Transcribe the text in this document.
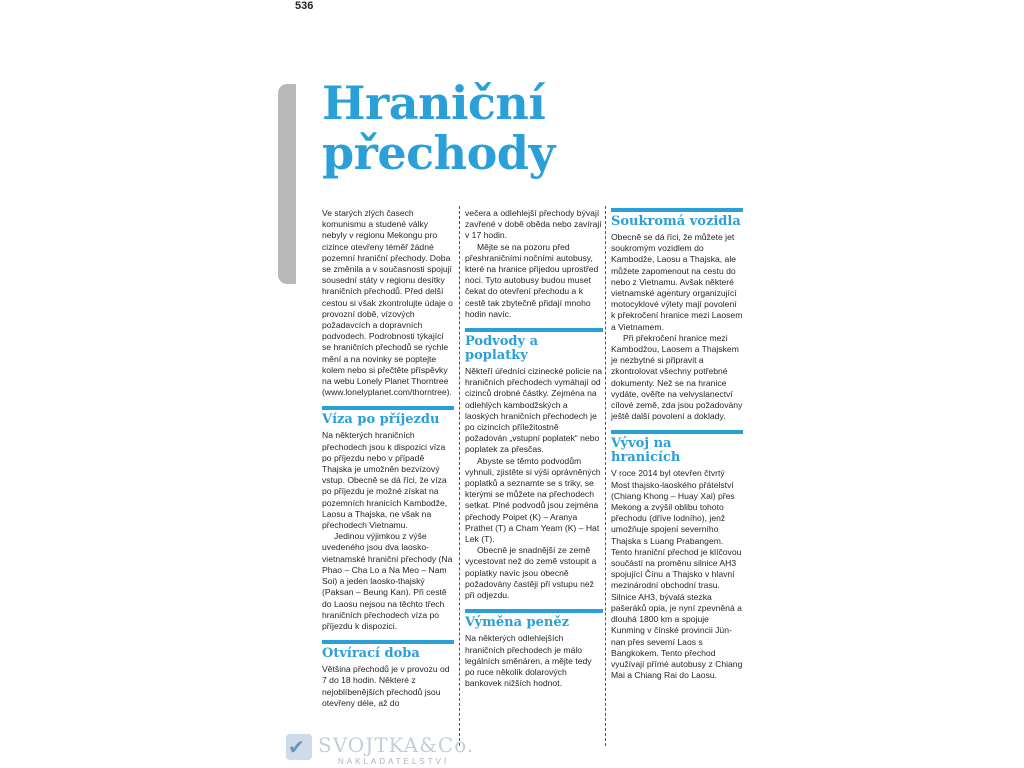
536
Hraniční
přechody

Ve starých zlých časech komunismu a studené války nebyly v regionu Mekongu pro cizince otevřeny téměř žádné pozemní hraniční přechody. Doba se změnila a v současnosti spojují sousední státy v regionu desítky hraničních přechodů. Před delší cestou si však zkontrolujte údaje o provozní době, vízových požadavcích a dopravních podvodech. Podrobnosti týkající se hraničních přechodů se rychle mění a na novinky se poptejte kolem nebo si přečtěte příspěvky na webu Lonely Planet Thorntree (www.lonelyplanet.com/thorntree).

Víza po příjezdu

Na některých hraničních přechodech jsou k dispozici víza po příjezdu nebo v případě Thajska je umožněn bezvízový vstup. Obecně se dá říci, že víza po příjezdu je možné získat na pozemních hranicích Kambodže, Laosu a Thajska, ne však na přechodech Vietnamu.

Jedinou výjimkou z výše uvedeného jsou dva laosko-vietnamské hraniční přechody (Na Phao – Cha Lo a Na Meo – Nam Soi) a jeden laosko-thajský (Paksan – Beung Kan). Při cestě do Laosu nejsou na těchto třech hraničních přechodech víza po příjezdu k dispozici.

Otvírací doba

Většina přechodů je v provozu od 7 do 18 hodin. Některé z nejoblíbenějších přechodů jsou otevřeny déle, až do

večera a odlehlejší přechody bývají zavřené v době oběda nebo zavírají v 17 hodin.

Mějte se na pozoru před přeshraničními nočními autobusy, které na hranice přijedou uprostřed noci. Tyto autobusy budou muset čekat do otevření přechodu a k cestě tak zbytečně přidají mnoho hodin navíc.

Podvody a poplatky

Někteří úředníci cizinecké policie na hraničních přechodech vymáhají od cizinců drobné částky. Zejména na odlehlých kambodžských a laoských hraničních přechodech je po cizincích příležitostně požadován „vstupní poplatek“ nebo poplatek za přesčas.

Abyste se těmto podvodům vyhnuli, zjistěte si výši oprávněných poplatků a seznamte se s triky, se kterými se můžete na přechodech setkat. Plné podvodů jsou zejména přechody Poipet (K) – Aranya Prathet (T) a Cham Yeam (K) – Hat Lek (T).

Obecně je snadnější ze země vycestovat než do země vstoupit a poplatky navíc jsou obecně požadovány častěji při vstupu než při odjezdu.

Výměna peněz

Na některých odlehlejších hraničních přechodech je málo legálních směnáren, a mějte tedy po ruce několik dolarových bankovek nižších hodnot.

Soukromá vozidla

Obecně se dá říci, že můžete jet soukromým vozidlem do Kambodže, Laosu a Thajska, ale můžete zapomenout na cestu do nebo z Vietnamu. Avšak některé vietnamské agentury organizující motocyklové výlety mají povolení k překročení hranice mezi Laosem a Vietnamem.

Při překročení hranice mezi Kambodžou, Laosem a Thajskem je nezbytné si připravit a zkontrolovat všechny potřebné dokumenty. Než se na hranice vydáte, ověřte na velvyslanectví cílové země, zda jsou požadovány ještě další povolení a doklady.

Vývoj na hranicích

V roce 2014 byl otevřen čtvrtý Most thajsko-laoského přátelství (Chiang Khong – Huay Xai) přes Mekong a zvýšil oblibu tohoto přechodu (dříve lodního), jenž umožňuje spojení severního Thajska s Luang Prabangem. Tento hraniční přechod je klíčovou součástí na proměnu silnice AH3 spojující Čínu a Thajsko v hlavní mezinárodní obchodní trasu. Silnice AH3, bývalá stezka pašeráků opia, je nyní zpevněná a dlouhá 1800 km a spojuje Kunming v čínské provincii Jün-nan přes severní Laos s Bangkokem. Tento přechod využívají přímé autobusy z Chiang Mai a Chiang Rai do Laosu.

✔ SVOJTKA&Co.
NAKLADATELSTVÍ
